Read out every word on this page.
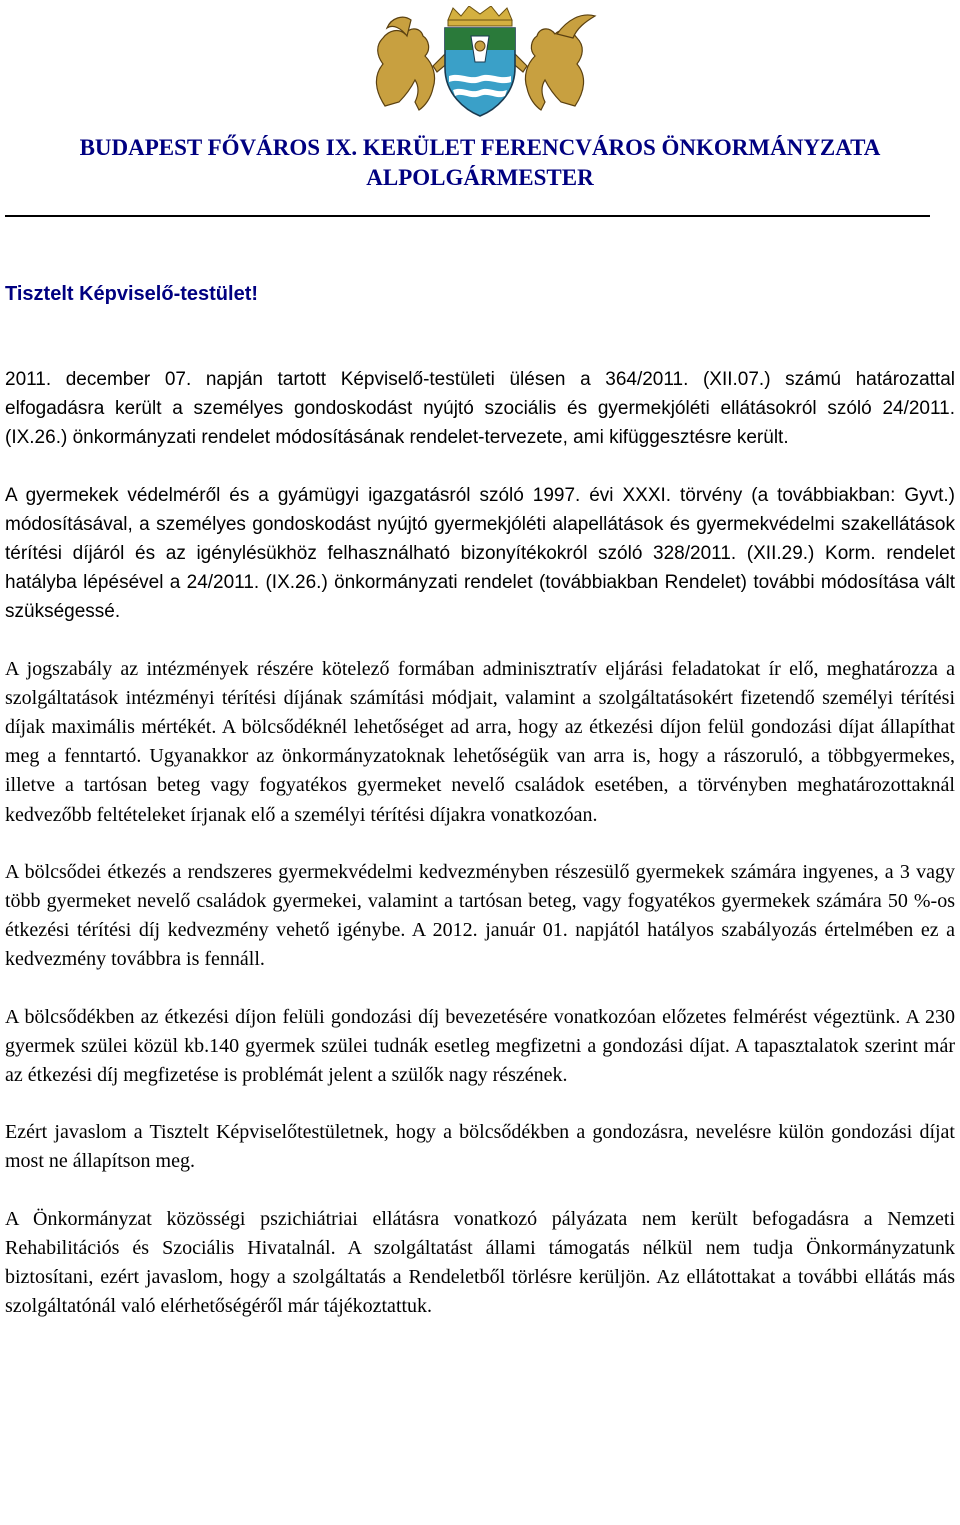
BUDAPEST FŐVÁROS IX. KERÜLET FERENCVÁROS ÖNKORMÁNYZATA
ALPOLGÁRMESTER
Tisztelt Képviselő-testület!

2011. december 07. napján tartott Képviselő-testületi ülésen a 364/2011. (XII.07.) számú határozattal elfogadásra került a személyes gondoskodást nyújtó szociális és gyermekjóléti ellátásokról szóló 24/2011. (IX.26.) önkormányzati rendelet módosításának rendelet-tervezete, ami kifüggesztésre került.

A gyermekek védelméről és a gyámügyi igazgatásról szóló 1997. évi XXXI. törvény (a továbbiakban: Gyvt.) módosításával, a személyes gondoskodást nyújtó gyermekjóléti alapellátások és gyermekvédelmi szakellátások térítési díjáról és az igénylésükhöz felhasználható bizonyítékokról szóló 328/2011. (XII.29.) Korm. rendelet hatályba lépésével a 24/2011. (IX.26.) önkormányzati rendelet (továbbiakban Rendelet) további módosítása vált szükségessé.

A jogszabály az intézmények részére kötelező formában adminisztratív eljárási feladatokat ír elő, meghatározza a szolgáltatások intézményi térítési díjának számítási módjait, valamint a szolgáltatásokért fizetendő személyi térítési díjak maximális mértékét. A bölcsődéknél lehetőséget ad arra, hogy az étkezési díjon felül gondozási díjat állapíthat meg a fenntartó. Ugyanakkor az önkormányzatoknak lehetőségük van arra is, hogy a rászoruló, a többgyermekes, illetve a tartósan beteg vagy fogyatékos gyermeket nevelő családok esetében, a törvényben meghatározottaknál kedvezőbb feltételeket írjanak elő a személyi térítési díjakra vonatkozóan.

A bölcsődei étkezés a rendszeres gyermekvédelmi kedvezményben részesülő gyermekek számára ingyenes, a 3 vagy több gyermeket nevelő családok gyermekei, valamint a tartósan beteg, vagy fogyatékos gyermekek számára 50 %-os étkezési térítési díj kedvezmény vehető igénybe. A 2012. január 01. napjától hatályos szabályozás értelmében ez a kedvezmény továbbra is fennáll.

A bölcsődékben az étkezési díjon felüli gondozási díj bevezetésére vonatkozóan előzetes felmérést végeztünk. A 230 gyermek szülei közül kb.140 gyermek szülei tudnák esetleg megfizetni a gondozási díjat. A tapasztalatok szerint már az étkezési díj megfizetése is problémát jelent a szülők nagy részének.

Ezért javaslom a Tisztelt Képviselőtestületnek, hogy a bölcsődékben a gondozásra, nevelésre külön gondozási díjat most ne állapítson meg.

A Önkormányzat közösségi pszichiátriai ellátásra vonatkozó pályázata nem került befogadásra a Nemzeti Rehabilitációs és Szociális Hivatalnál. A szolgáltatást állami támogatás nélkül nem tudja Önkormányzatunk biztosítani, ezért javaslom, hogy a szolgáltatás a Rendeletből törlésre kerüljön. Az ellátottakat a további ellátás más szolgáltatónál való elérhetőségéről már tájékoztattuk.
